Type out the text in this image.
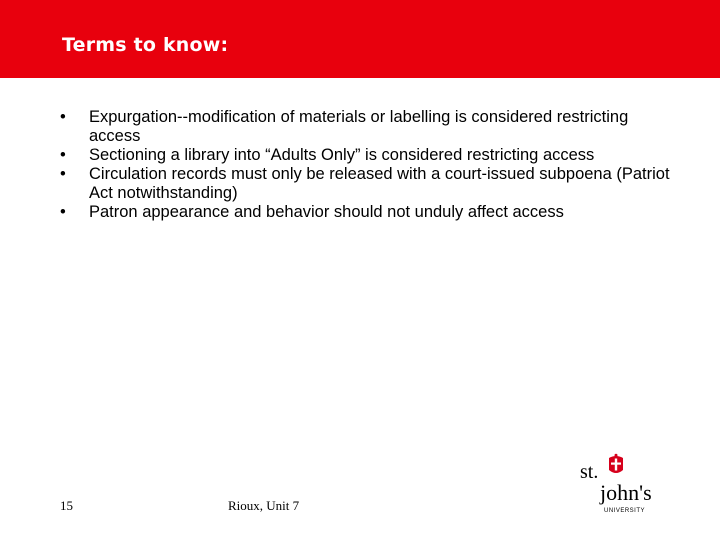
Terms to know:
•	Expurgation--modification of materials or labelling is considered restricting access
•	Sectioning a library into “Adults Only” is considered restricting access
•	Circulation records must only be released with a court-issued subpoena (Patriot Act notwithstanding)
•	Patron appearance and behavior should not unduly affect access
15	Rioux, Unit 7
st.
john's
UNIVERSITY
